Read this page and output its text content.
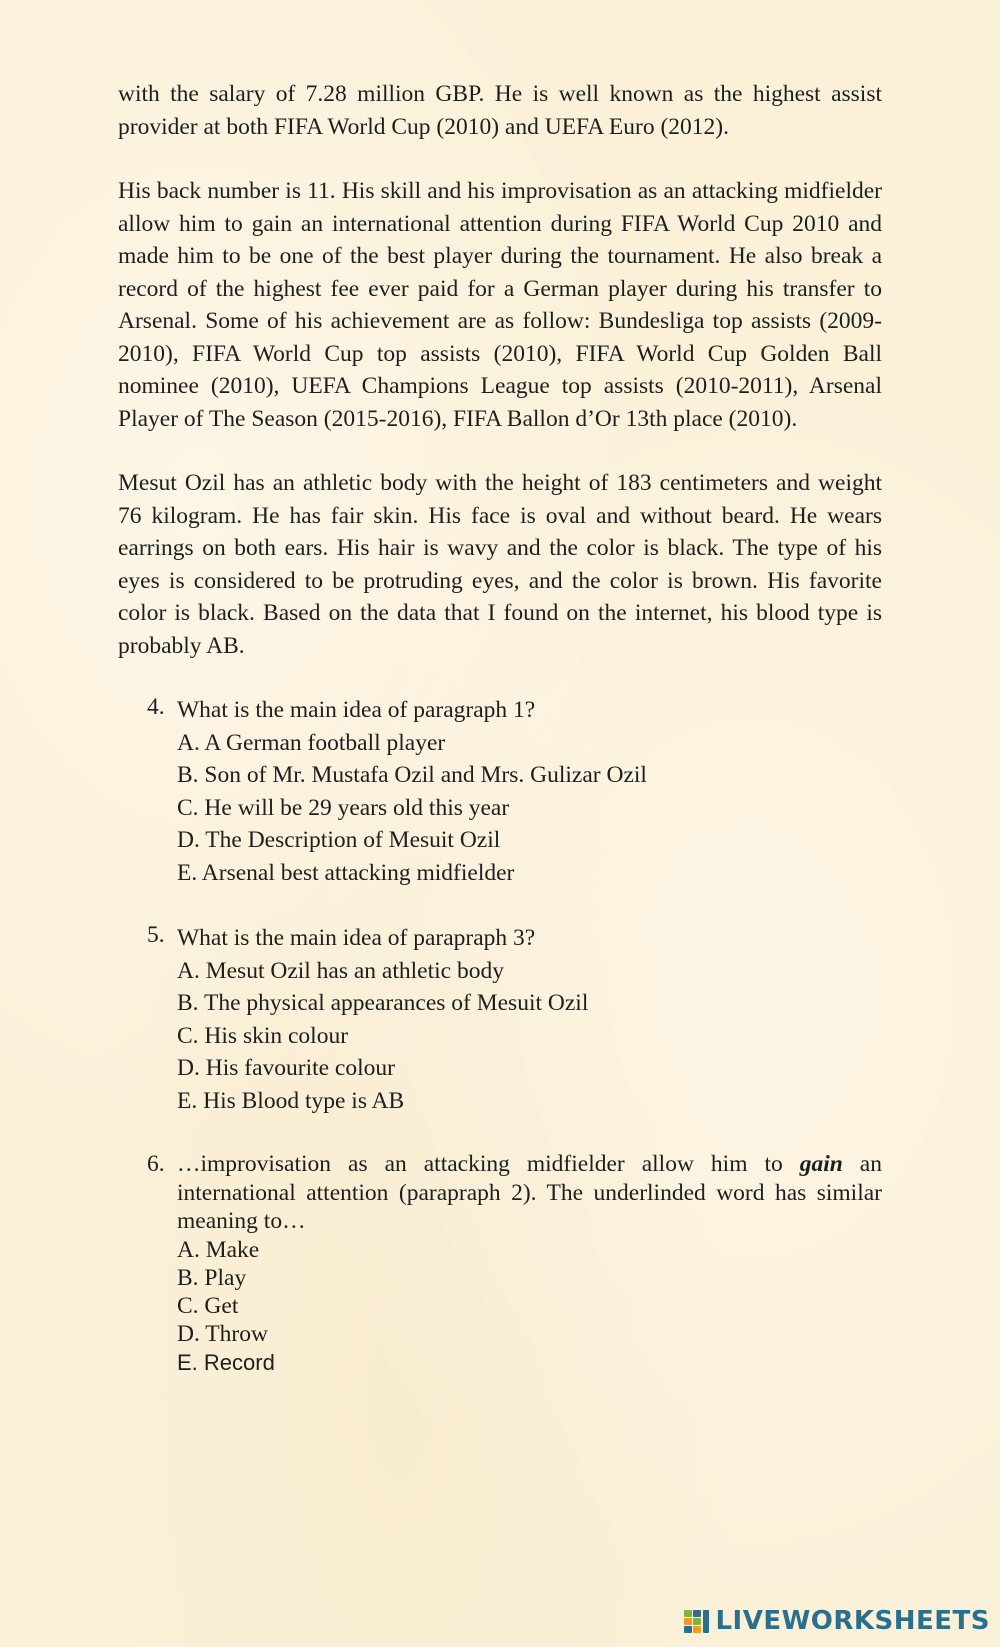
with the salary of 7.28 million GBP. He is well known as the highest assist provider at both FIFA World Cup (2010) and UEFA Euro (2012).

His back number is 11. His skill and his improvisation as an attacking midfielder allow him to gain an international attention during FIFA World Cup 2010 and made him to be one of the best player during the tournament. He also break a record of the highest fee ever paid for a German player during his transfer to Arsenal. Some of his achievement are as follow: Bundesliga top assists (2009-2010), FIFA World Cup top assists (2010), FIFA World Cup Golden Ball nominee (2010), UEFA Champions League top assists (2010-2011), Arsenal Player of The Season (2015-2016), FIFA Ballon d’Or 13th place (2010).

Mesut Ozil has an athletic body with the height of 183 centimeters and weight 76 kilogram. He has fair skin. His face is oval and without beard. He wears earrings on both ears. His hair is wavy and the color is black. The type of his eyes is considered to be protruding eyes, and the color is brown. His favorite color is black. Based on the data that I found on the internet, his blood type is probably AB.

4. What is the main idea of paragraph 1?
A. A German football player
B. Son of Mr. Mustafa Ozil and Mrs. Gulizar Ozil
C. He will be 29 years old this year
D. The Description of Mesuit Ozil
E. Arsenal best attacking midfielder
5. What is the main idea of parapraph 3?
A. Mesut Ozil has an athletic body
B. The physical appearances of Mesuit Ozil
C. His skin colour
D. His favourite colour
E. His Blood type is AB
6. …improvisation as an attacking midfielder allow him to gain an international attention (parapraph 2). The underlinded word has similar meaning to…
A. Make
B. Play
C. Get
D. Throw
E. Record
LIVEWORKSHEETS
